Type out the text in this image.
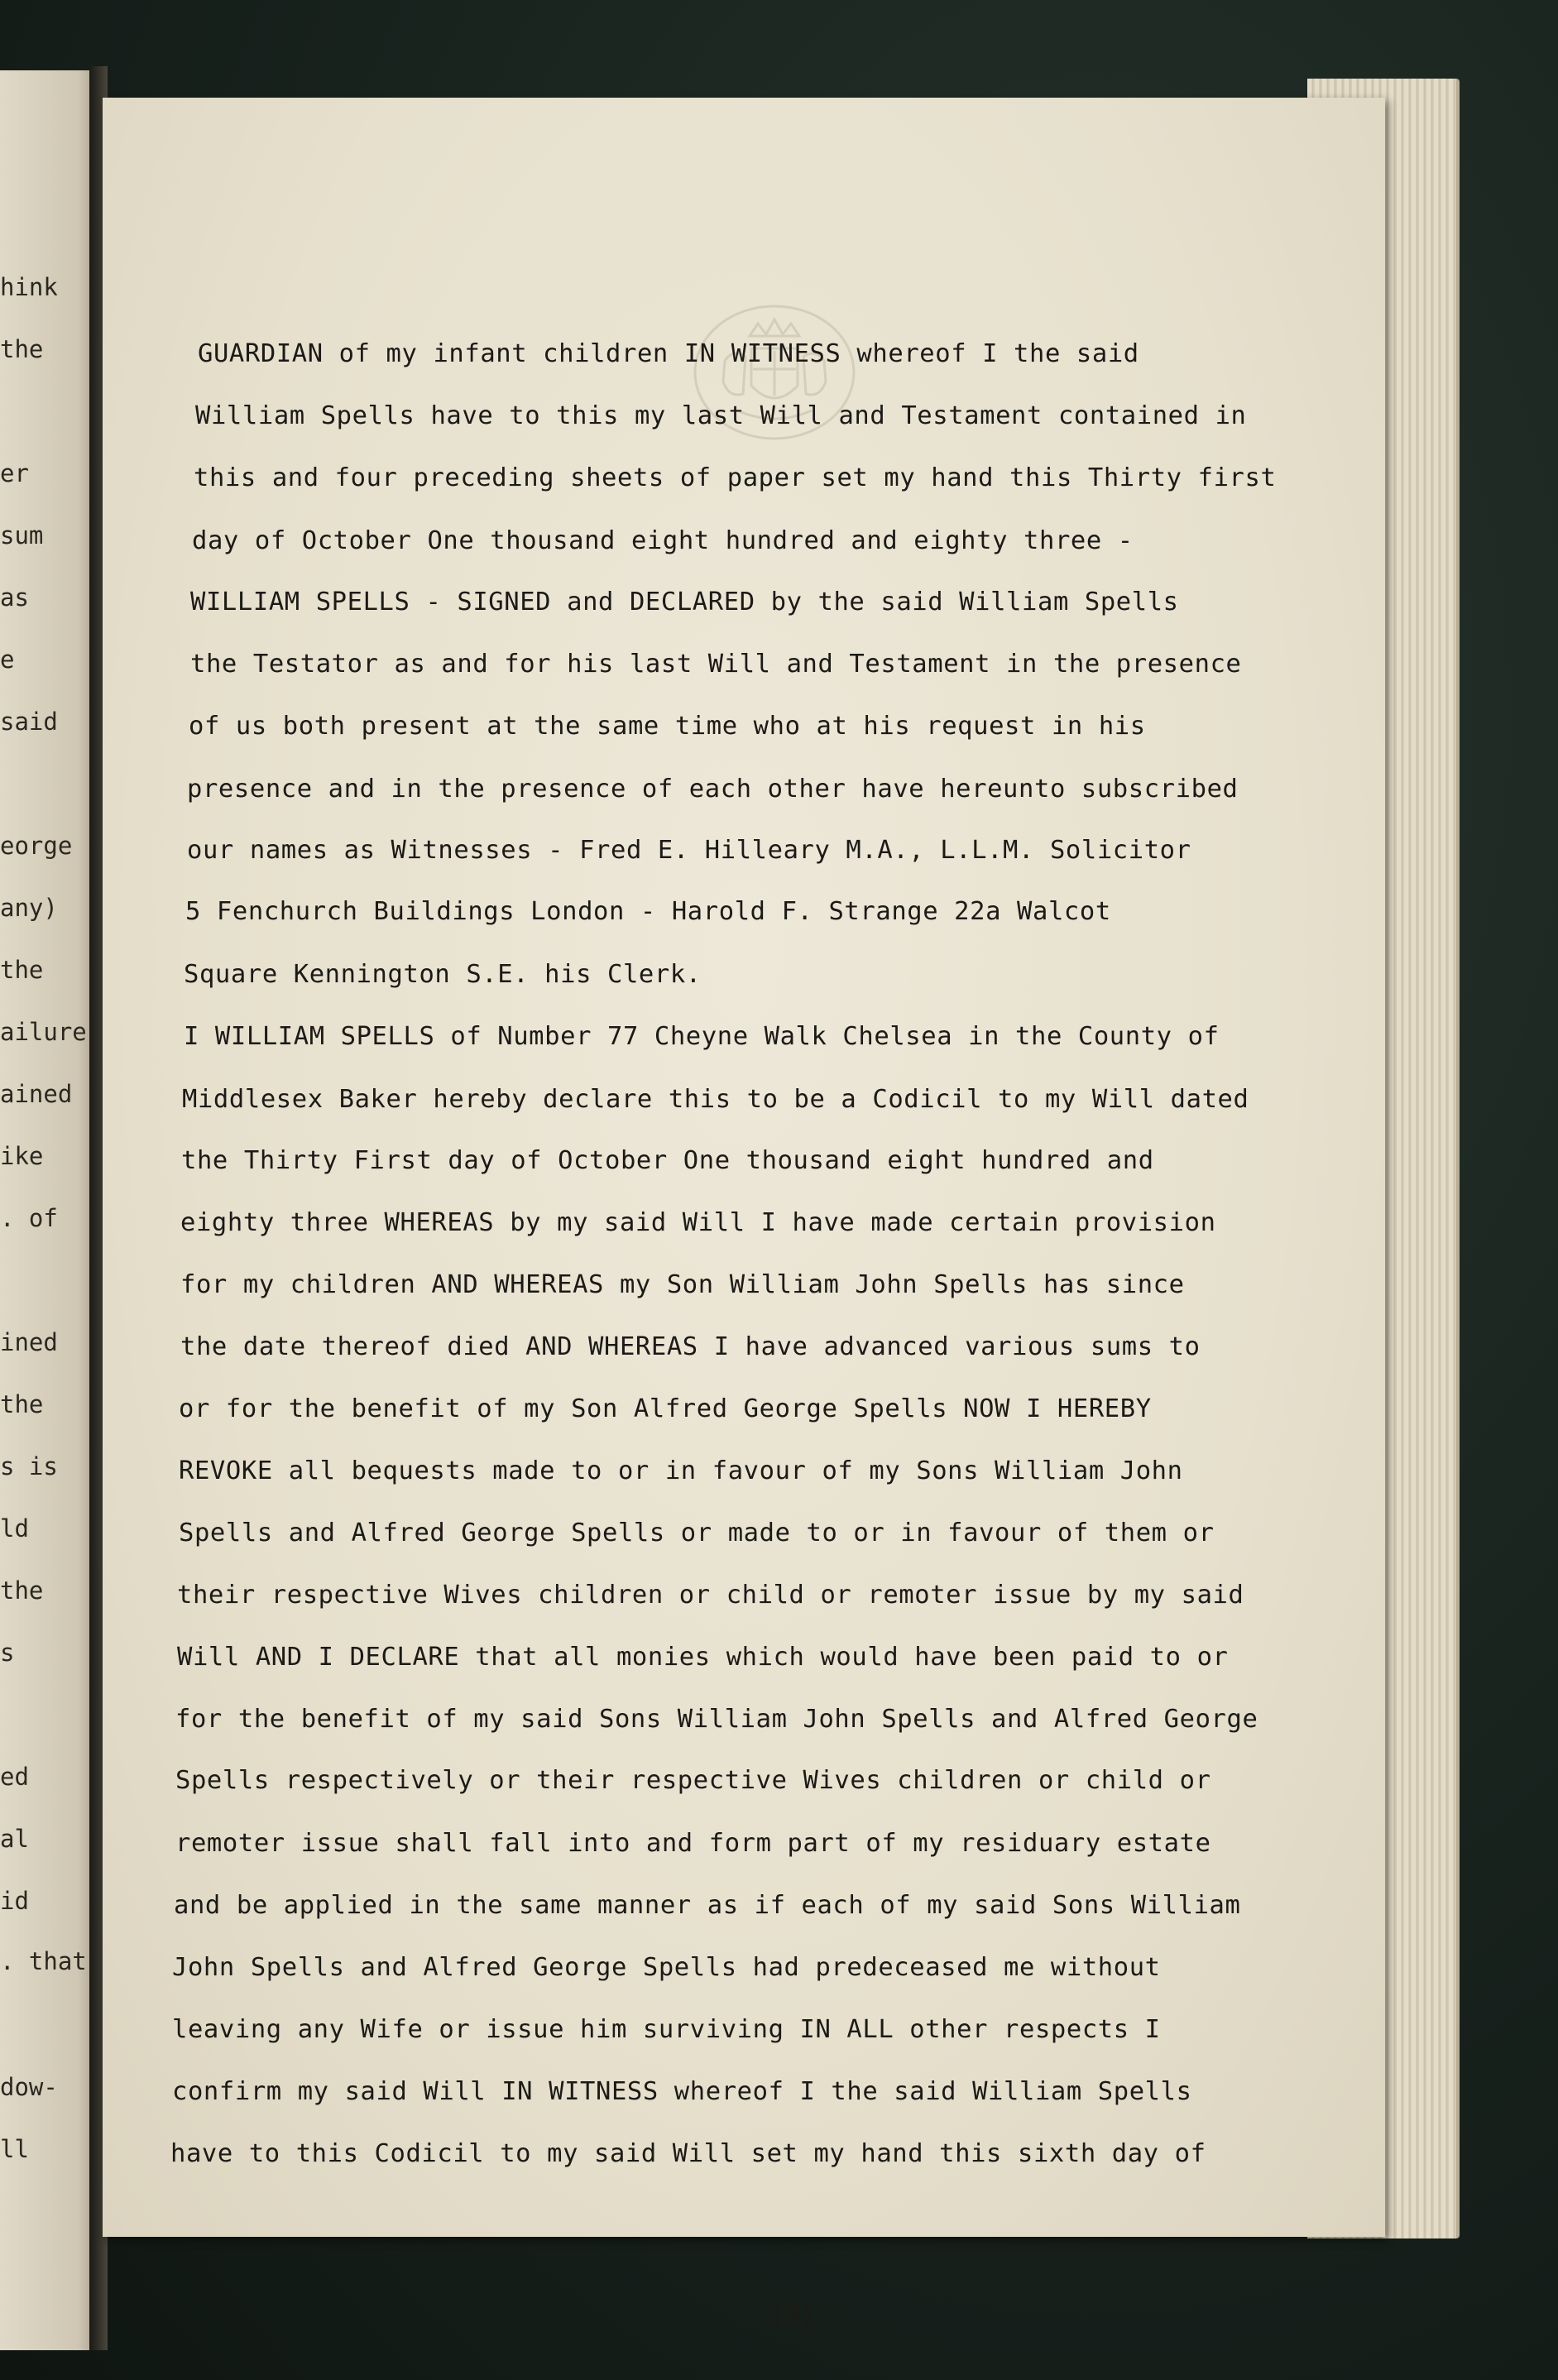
hink
the
er
sum
as
e
said
eorge
any)
the
ailure
ained
ike
. of
ined
the
s is
ld
the
s
ed
al
id
. that
dow-
ll
GUARDIAN of my infant children IN WITNESS whereof I the said
William Spells have to this my last Will and Testament contained in
this and four preceding sheets of paper set my hand this Thirty first
day of October One thousand eight hundred and eighty three -
WILLIAM SPELLS - SIGNED and DECLARED by the said William Spells
the Testator as and for his last Will and Testament in the presence
of us both present at the same time who at his request in his
presence and in the presence of each other have hereunto subscribed
our names as Witnesses - Fred E. Hilleary M.A., L.L.M. Solicitor
5 Fenchurch Buildings London - Harold F. Strange 22a Walcot
Square Kennington S.E. his Clerk.
I WILLIAM SPELLS of Number 77 Cheyne Walk Chelsea in the County of
Middlesex Baker hereby declare this to be a Codicil to my Will dated
the Thirty First day of October One thousand eight hundred and
eighty three WHEREAS by my said Will I have made certain provision
for my children AND WHEREAS my Son William John Spells has since
the date thereof died AND WHEREAS I have advanced various sums to
or for the benefit of my Son Alfred George Spells NOW I HEREBY
REVOKE all bequests made to or in favour of my Sons William John
Spells and Alfred George Spells or made to or in favour of them or
their respective Wives children or child or remoter issue by my said
Will AND I DECLARE that all monies which would have been paid to or
for the benefit of my said Sons William John Spells and Alfred George
Spells respectively or their respective Wives children or child or
remoter issue shall fall into and form part of my residuary estate
and be applied in the same manner as if each of my said Sons William
John Spells and Alfred George Spells had predeceased me without
leaving any Wife or issue him surviving IN ALL other respects I
confirm my said Will IN WITNESS whereof I the said William Spells
have to this Codicil to my said Will set my hand this sixth day of
(9)
